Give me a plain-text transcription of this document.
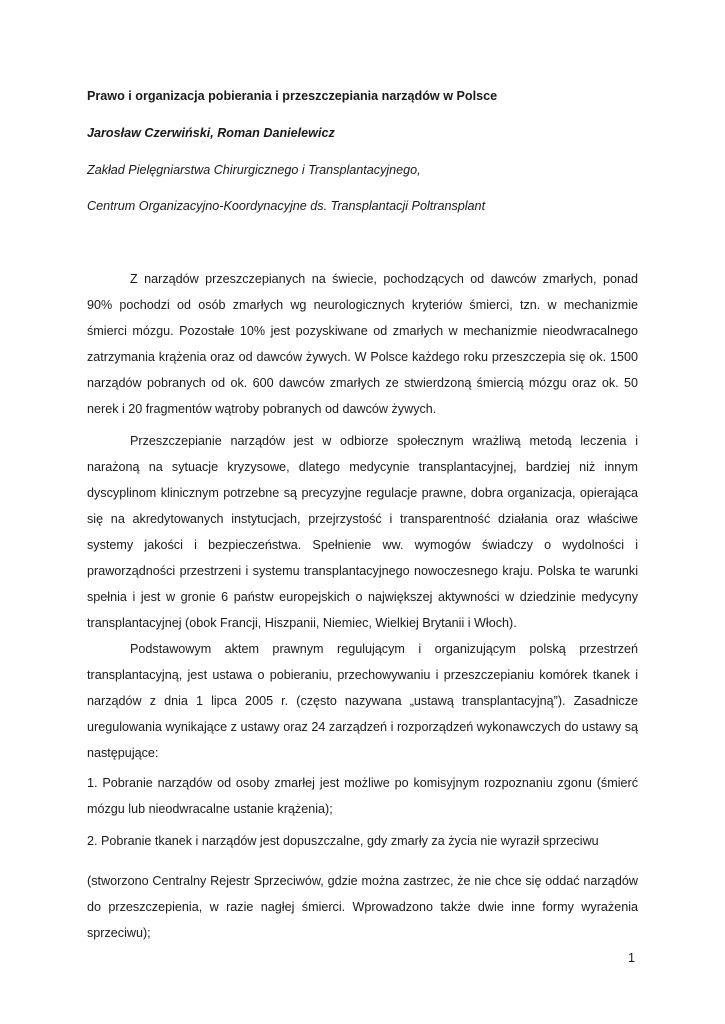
Prawo i organizacja pobierania i przeszczepiania narządów w Polsce
Jarosław Czerwiński, Roman Danielewicz
Zakład Pielęgniarstwa Chirurgicznego i Transplantacyjnego,
Centrum Organizacyjno-Koordynacyjne ds. Transplantacji Poltransplant

Z narządów przeszczepianych na świecie, pochodzących od dawców zmarłych, ponad 90% pochodzi od osób zmarłych wg neurologicznych kryteriów śmierci, tzn. w mechanizmie śmierci mózgu. Pozostałe 10% jest pozyskiwane od zmarłych w mechanizmie nieodwracalnego zatrzymania krążenia oraz od dawców żywych. W Polsce każdego roku przeszczepia się ok. 1500 narządów pobranych od ok. 600 dawców zmarłych ze stwierdzoną śmiercią mózgu oraz ok. 50 nerek i 20 fragmentów wątroby pobranych od dawców żywych.

Przeszczepianie narządów jest w odbiorze społecznym wrażliwą metodą leczenia i narażoną na sytuacje kryzysowe, dlatego medycynie transplantacyjnej, bardziej niż innym dyscyplinom klinicznym potrzebne są precyzyjne regulacje prawne, dobra organizacja, opierająca się na akredytowanych instytucjach, przejrzystość i transparentność działania oraz właściwe systemy jakości i bezpieczeństwa. Spełnienie ww. wymogów świadczy o wydolności i praworządności przestrzeni i systemu transplantacyjnego nowoczesnego kraju. Polska te warunki spełnia i jest w gronie 6 państw europejskich o największej aktywności w dziedzinie medycyny transplantacyjnej (obok Francji, Hiszpanii, Niemiec, Wielkiej Brytanii i Włoch).

Podstawowym aktem prawnym regulującym i organizującym polską przestrzeń transplantacyjną, jest ustawa o pobieraniu, przechowywaniu i przeszczepianiu komórek tkanek i narządów z dnia 1 lipca 2005 r. (często nazywana „ustawą transplantacyjną”). Zasadnicze uregulowania wynikające z ustawy oraz 24 zarządzeń i rozporządzeń wykonawczych do ustawy są następujące:

1. Pobranie narządów od osoby zmarłej jest możliwe po komisyjnym rozpoznaniu zgonu (śmierć mózgu lub nieodwracalne ustanie krążenia);

2. Pobranie tkanek i narządów jest dopuszczalne, gdy zmarły za życia nie wyraził sprzeciwu

(stworzono Centralny Rejestr Sprzeciwów, gdzie można zastrzec, że nie chce się oddać narządów do przeszczepienia, w razie nagłej śmierci. Wprowadzono także dwie inne formy wyrażenia sprzeciwu);

1
